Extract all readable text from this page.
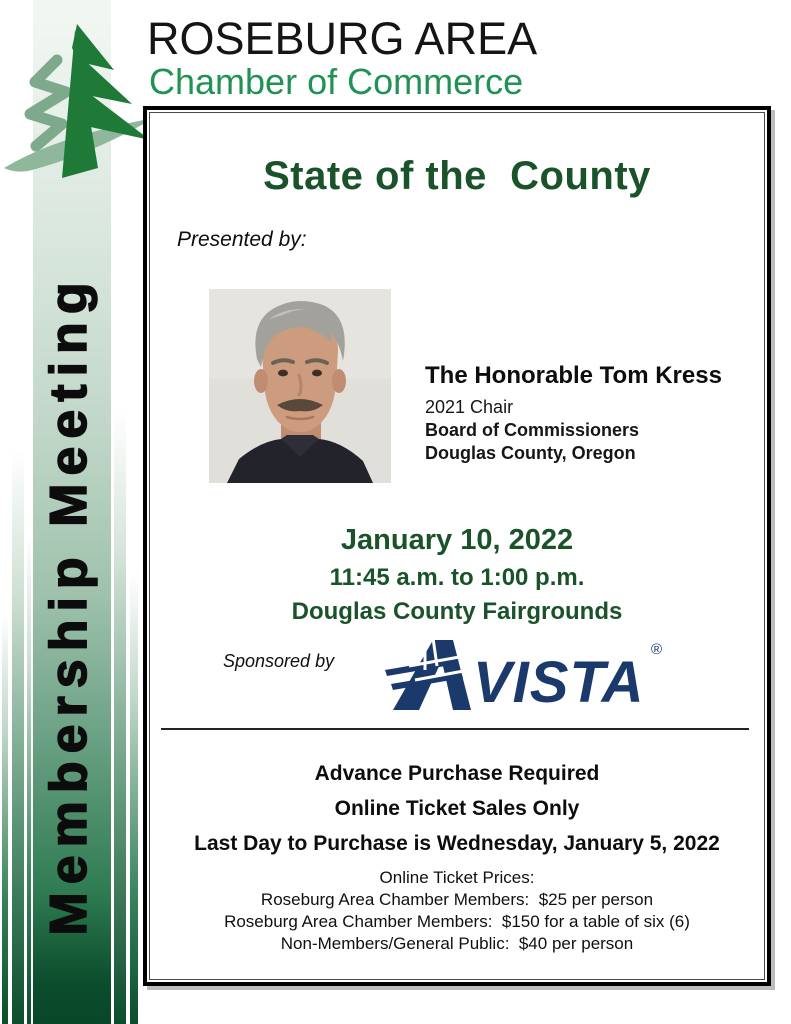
Membership Meeting
ROSEBURG AREA
Chamber of Commerce
State of the  County
Presented by:
The Honorable Tom Kress
2021 Chair
Board of Commissioners
Douglas County, Oregon
January 10, 2022
11:45 a.m. to 1:00 p.m.
Douglas County Fairgrounds
Sponsored by VISTA
®
Advance Purchase Required
Online Ticket Sales Only
Last Day to Purchase is Wednesday, January 5, 2022
Online Ticket Prices:
Roseburg Area Chamber Members:  $25 per person
Roseburg Area Chamber Members:  $150 for a table of six (6)
Non-Members/General Public:  $40 per person
